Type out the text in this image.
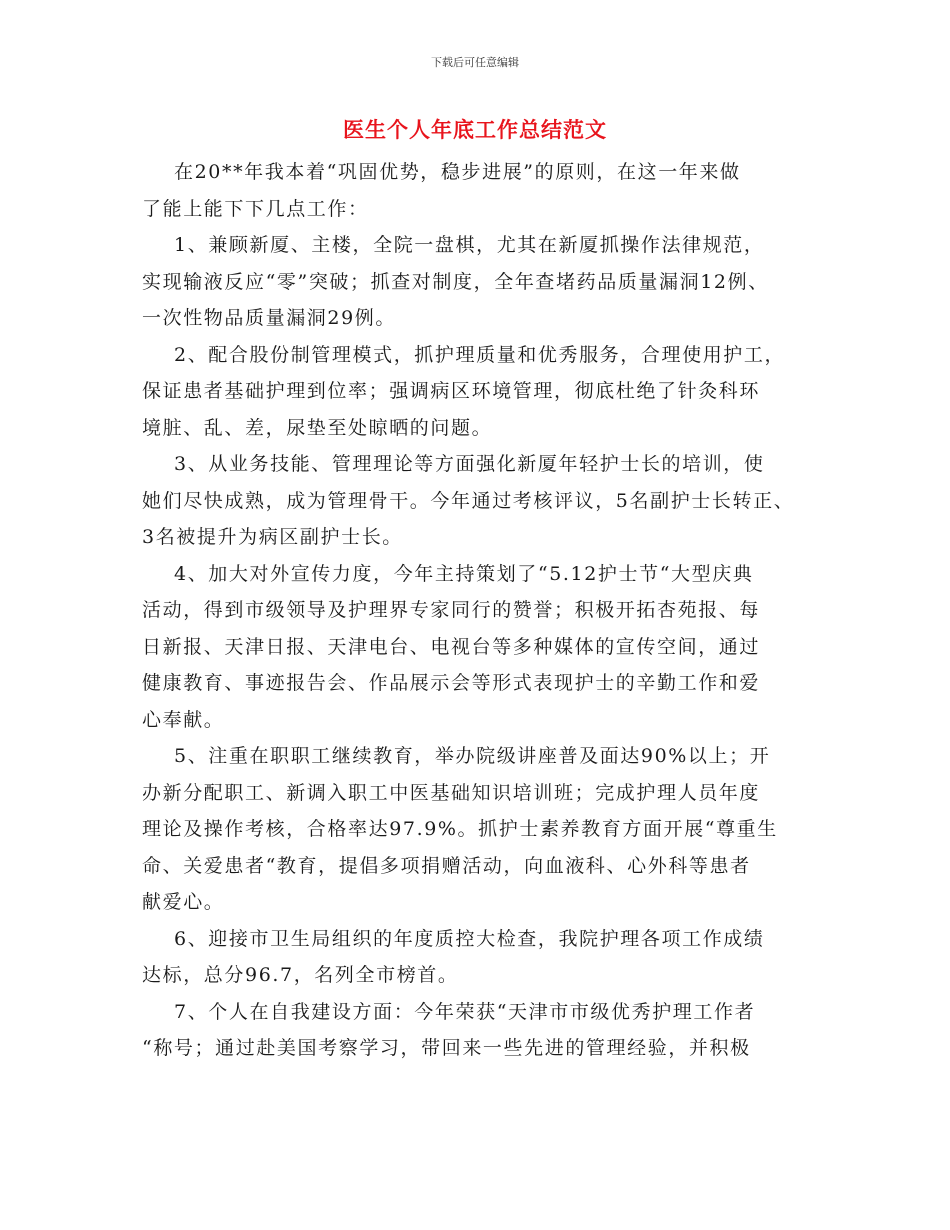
下载后可任意编辑
医生个人年底工作总结范文

在20**年我本着“巩固优势，稳步进展”的原则，在这一年来做
了能上能下下几点工作：

1、兼顾新厦、主楼，全院一盘棋，尤其在新厦抓操作法律规范，
实现输液反应“零”突破；抓查对制度，全年查堵药品质量漏洞12例、
一次性物品质量漏洞29例。

2、配合股份制管理模式，抓护理质量和优秀服务，合理使用护工，
保证患者基础护理到位率；强调病区环境管理，彻底杜绝了针灸科环
境脏、乱、差，尿垫至处晾晒的问题。

3、从业务技能、管理理论等方面强化新厦年轻护士长的培训，使
她们尽快成熟，成为管理骨干。今年通过考核评议，5名副护士长转正、
3名被提升为病区副护士长。

4、加大对外宣传力度，今年主持策划了“5.12护士节“大型庆典
活动，得到市级领导及护理界专家同行的赞誉；积极开拓杏苑报、每
日新报、天津日报、天津电台、电视台等多种媒体的宣传空间，通过
健康教育、事迹报告会、作品展示会等形式表现护士的辛勤工作和爱
心奉献。

5、注重在职职工继续教育，举办院级讲座普及面达90%以上；开
办新分配职工、新调入职工中医基础知识培训班；完成护理人员年度
理论及操作考核，合格率达97.9%。抓护士素养教育方面开展“尊重生
命、关爱患者“教育，提倡多项捐赠活动，向血液科、心外科等患者
献爱心。

6、迎接市卫生局组织的年度质控大检查，我院护理各项工作成绩
达标，总分96.7，名列全市榜首。

7、个人在自我建设方面：今年荣获“天津市市级优秀护理工作者
“称号；通过赴美国考察学习，带回来一些先进的管理经验，并积极
